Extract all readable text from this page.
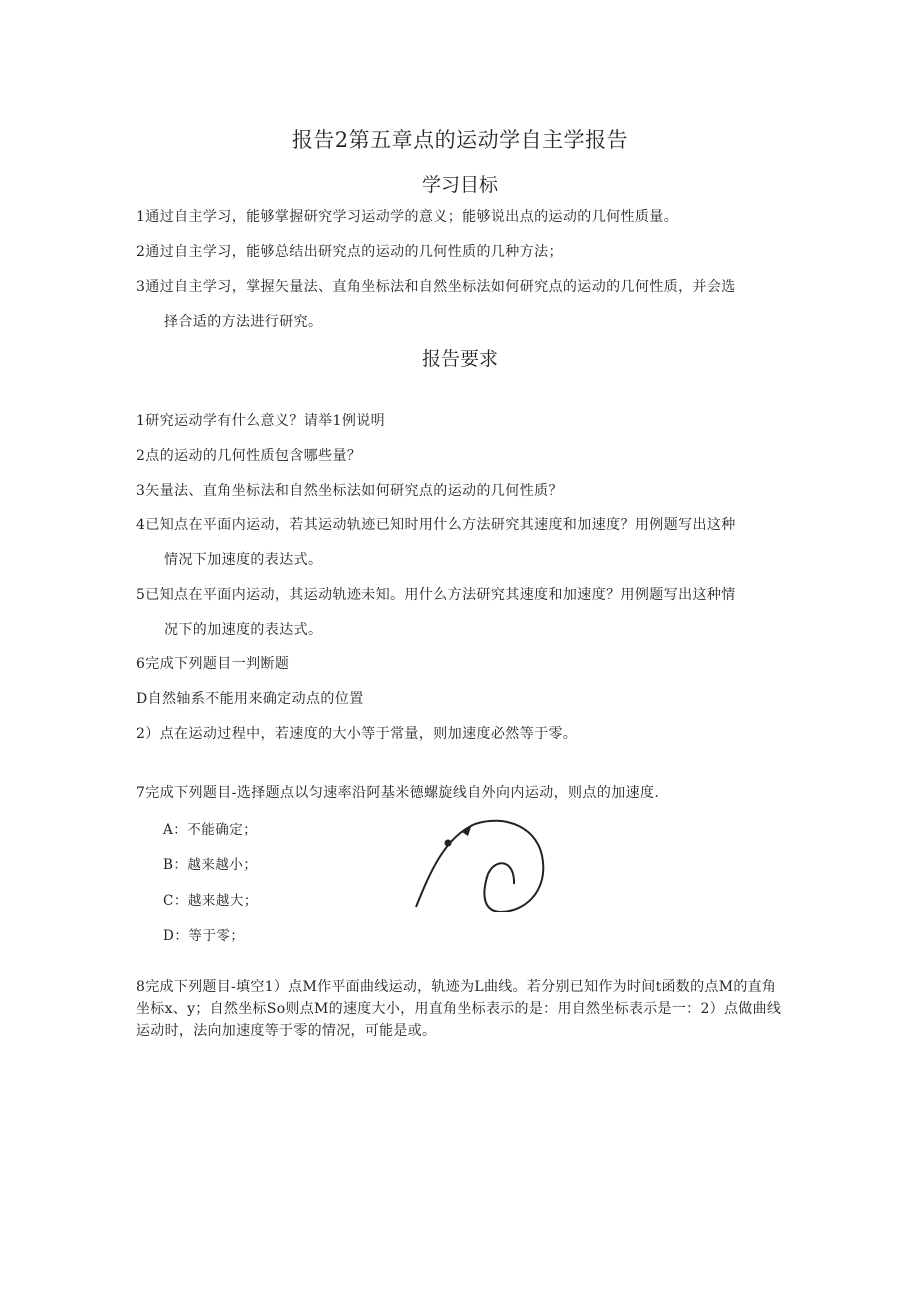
报告2第五章点的运动学自主学报告
学习目标
1通过自主学习，能够掌握研究学习运动学的意义；能够说出点的运动的几何性质量。
2通过自主学习，能够总结出研究点的运动的几何性质的几种方法；
3通过自主学习，掌握矢量法、直角坐标法和自然坐标法如何研究点的运动的几何性质，并会选
择合适的方法进行研究。
报告要求
1研究运动学有什么意义？请举1例说明
2点的运动的几何性质包含哪些量？
3矢量法、直角坐标法和自然坐标法如何研究点的运动的几何性质？
4已知点在平面内运动，若其运动轨迹已知时用什么方法研究其速度和加速度？用例题写出这种
情况下加速度的表达式。
5已知点在平面内运动，其运动轨迹未知。用什么方法研究其速度和加速度？用例题写出这种情
况下的加速度的表达式。
6完成下列题目一判断题
D自然轴系不能用来确定动点的位置
2）点在运动过程中，若速度的大小等于常量，则加速度必然等于零。
7完成下列题目-选择题点以匀速率沿阿基米德螺旋线自外向内运动，则点的加速度.
A：不能确定；
B：越来越小；
C：越来越大；
D：等于零；
8完成下列题目-填空1）点M作平面曲线运动，轨迹为L曲线。若分别已知作为时间t函数的点M的直角坐标x、y；自然坐标So则点M的速度大小，用直角坐标表示的是：用自然坐标表示是一：2）点做曲线运动时，法向加速度等于零的情况，可能是或。
